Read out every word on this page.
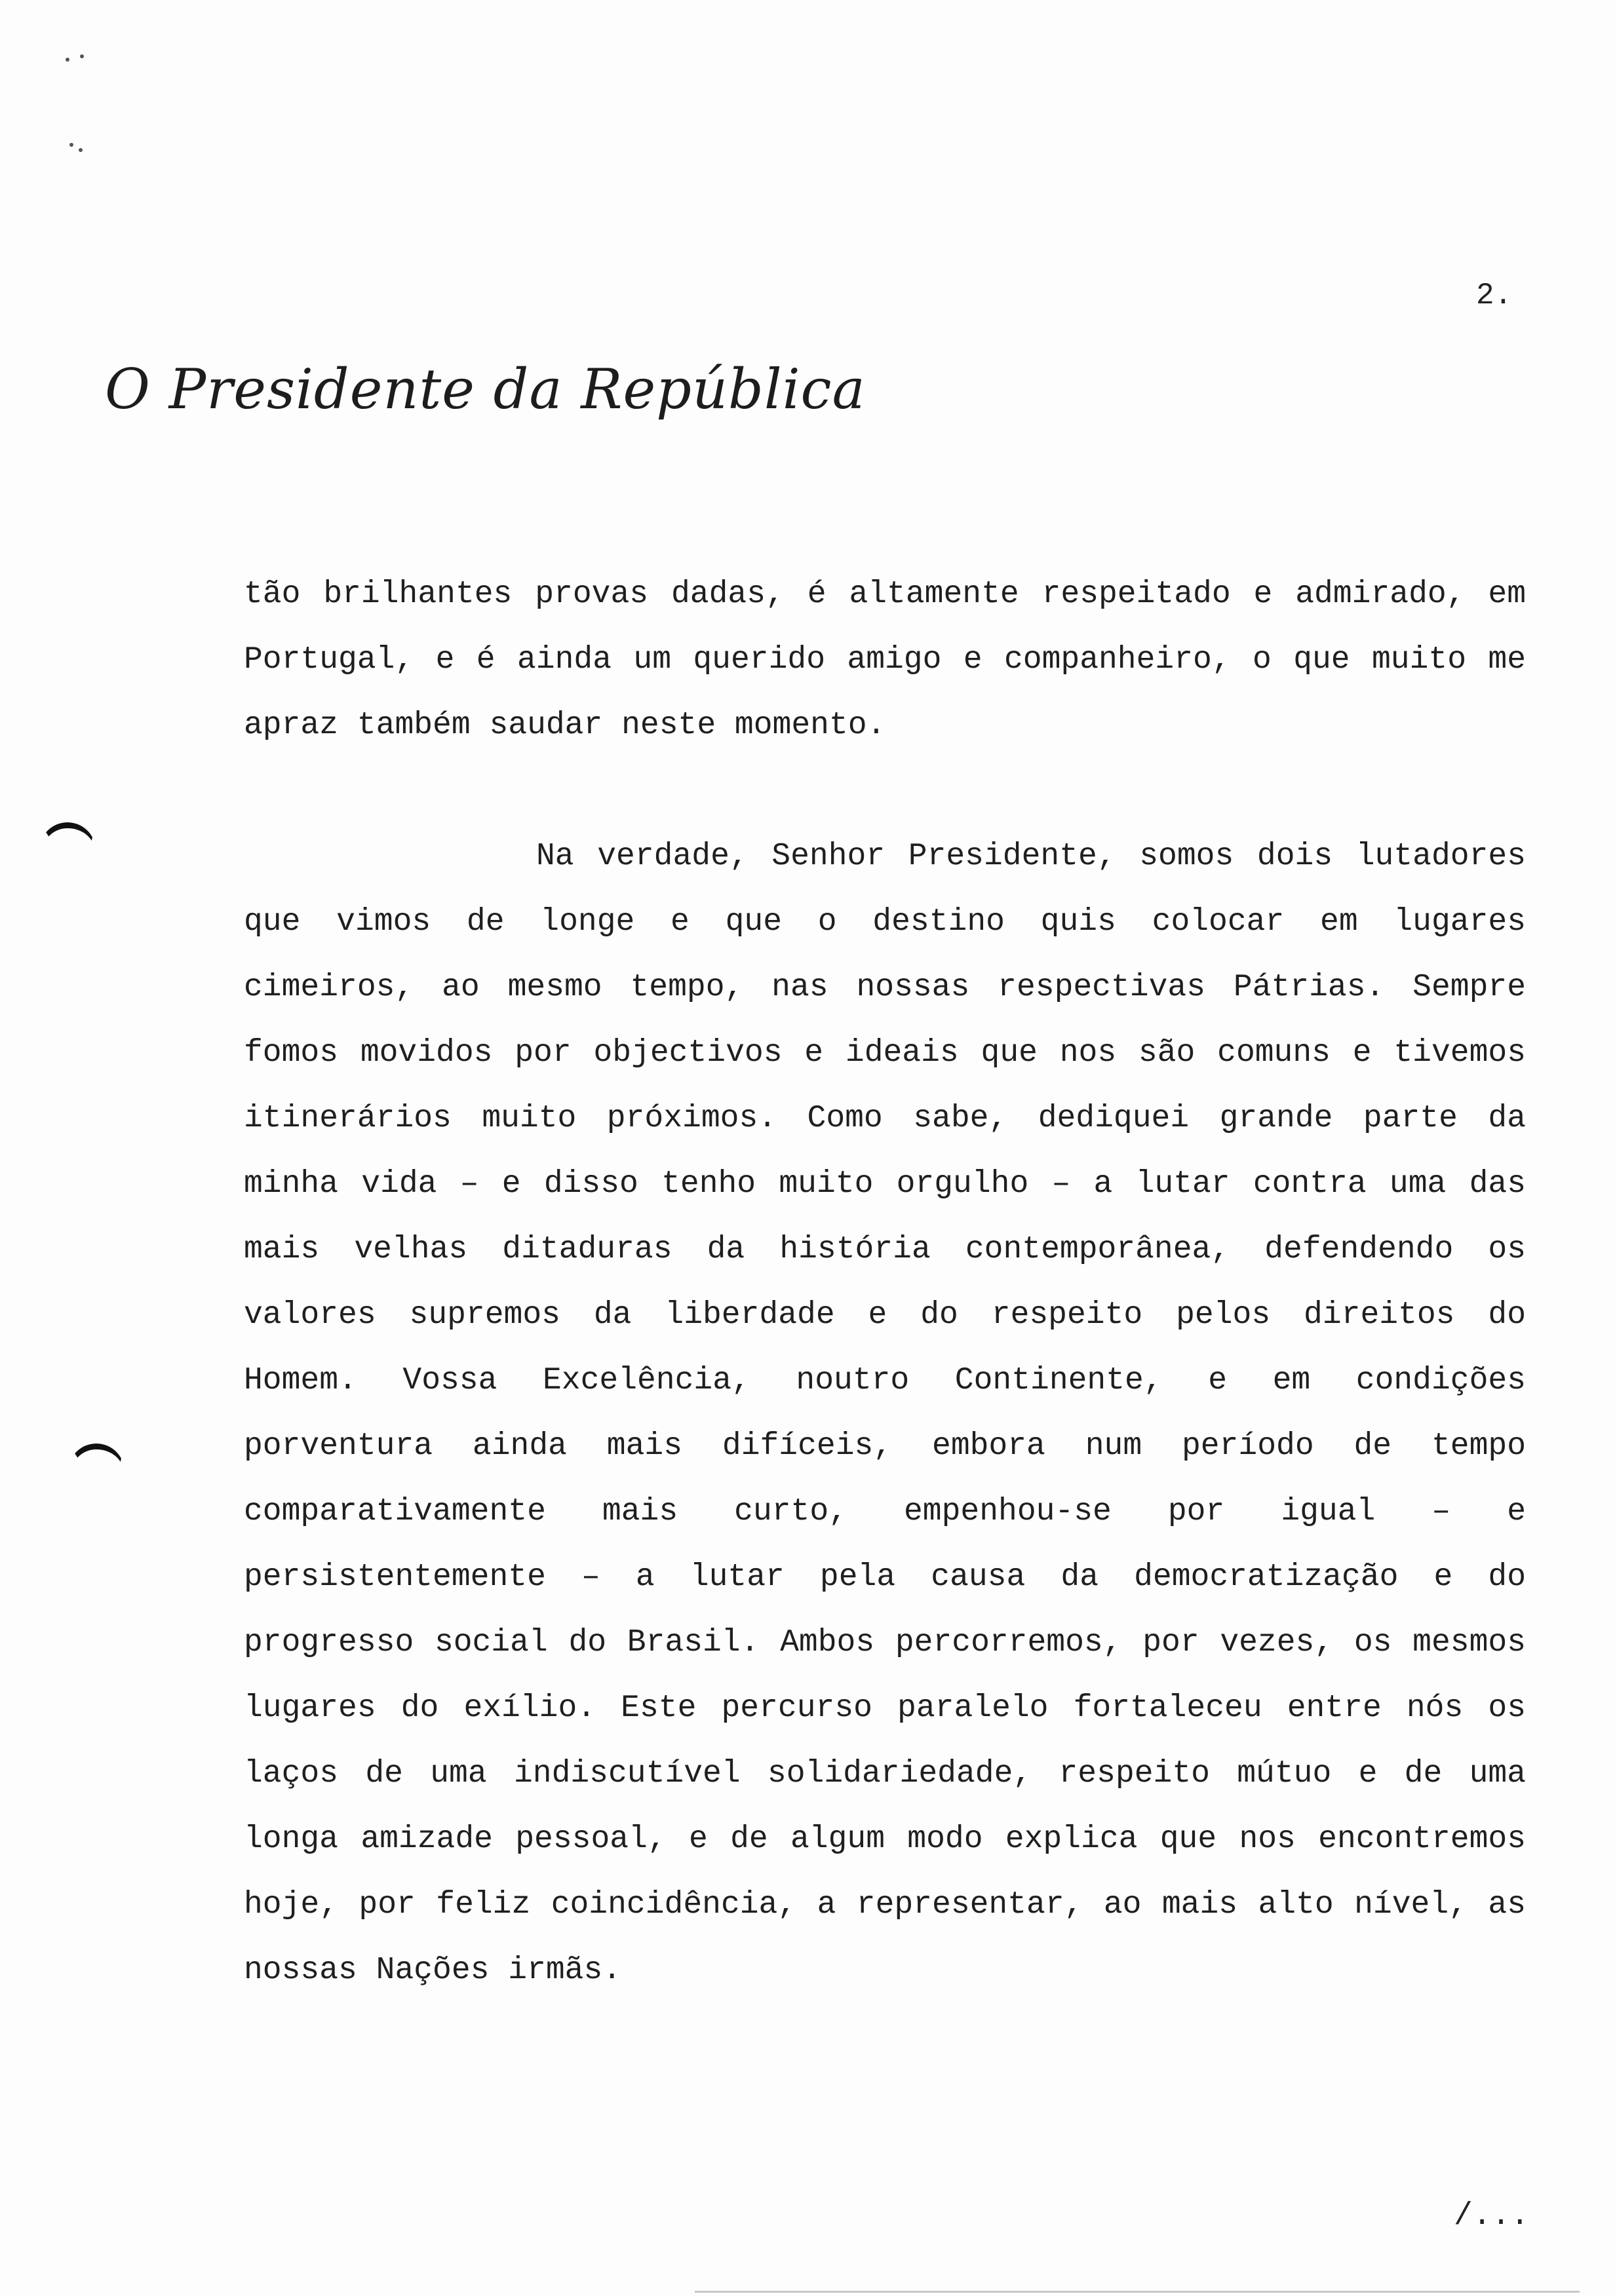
2.
O Presidente da República

tão brilhantes provas dadas, é altamente respeitado e admirado, em Portugal, e é ainda um querido amigo e companheiro, o que muito me apraz também saudar neste momento.

Na verdade, Senhor Presidente, somos dois lutadores que vimos de longe e que o destino quis colocar em lugares cimeiros, ao mesmo tempo, nas nossas respectivas Pátrias. Sempre fomos movidos por objectivos e ideais que nos são comuns e tivemos itinerários muito próximos. Como sabe, dediquei grande parte da minha vida – e disso tenho muito orgulho – a lutar contra uma das mais velhas ditaduras da história contemporânea, defendendo os valores supremos da liberdade e do respeito pelos direitos do Homem. Vossa Excelência, noutro Continente, e em condições porventura ainda mais difíceis, embora num período de tempo comparativamente mais curto, empenhou-se por igual – e persistentemente – a lutar pela causa da democratização e do progresso social do Brasil. Ambos percorremos, por vezes, os mesmos lugares do exílio. Este percurso paralelo fortaleceu entre nós os laços de uma indiscutível solidariedade, respeito mútuo e de uma longa amizade pessoal, e de algum modo explica que nos encontremos hoje, por feliz coincidência, a representar, ao mais alto nível, as nossas Nações irmãs.

/...
